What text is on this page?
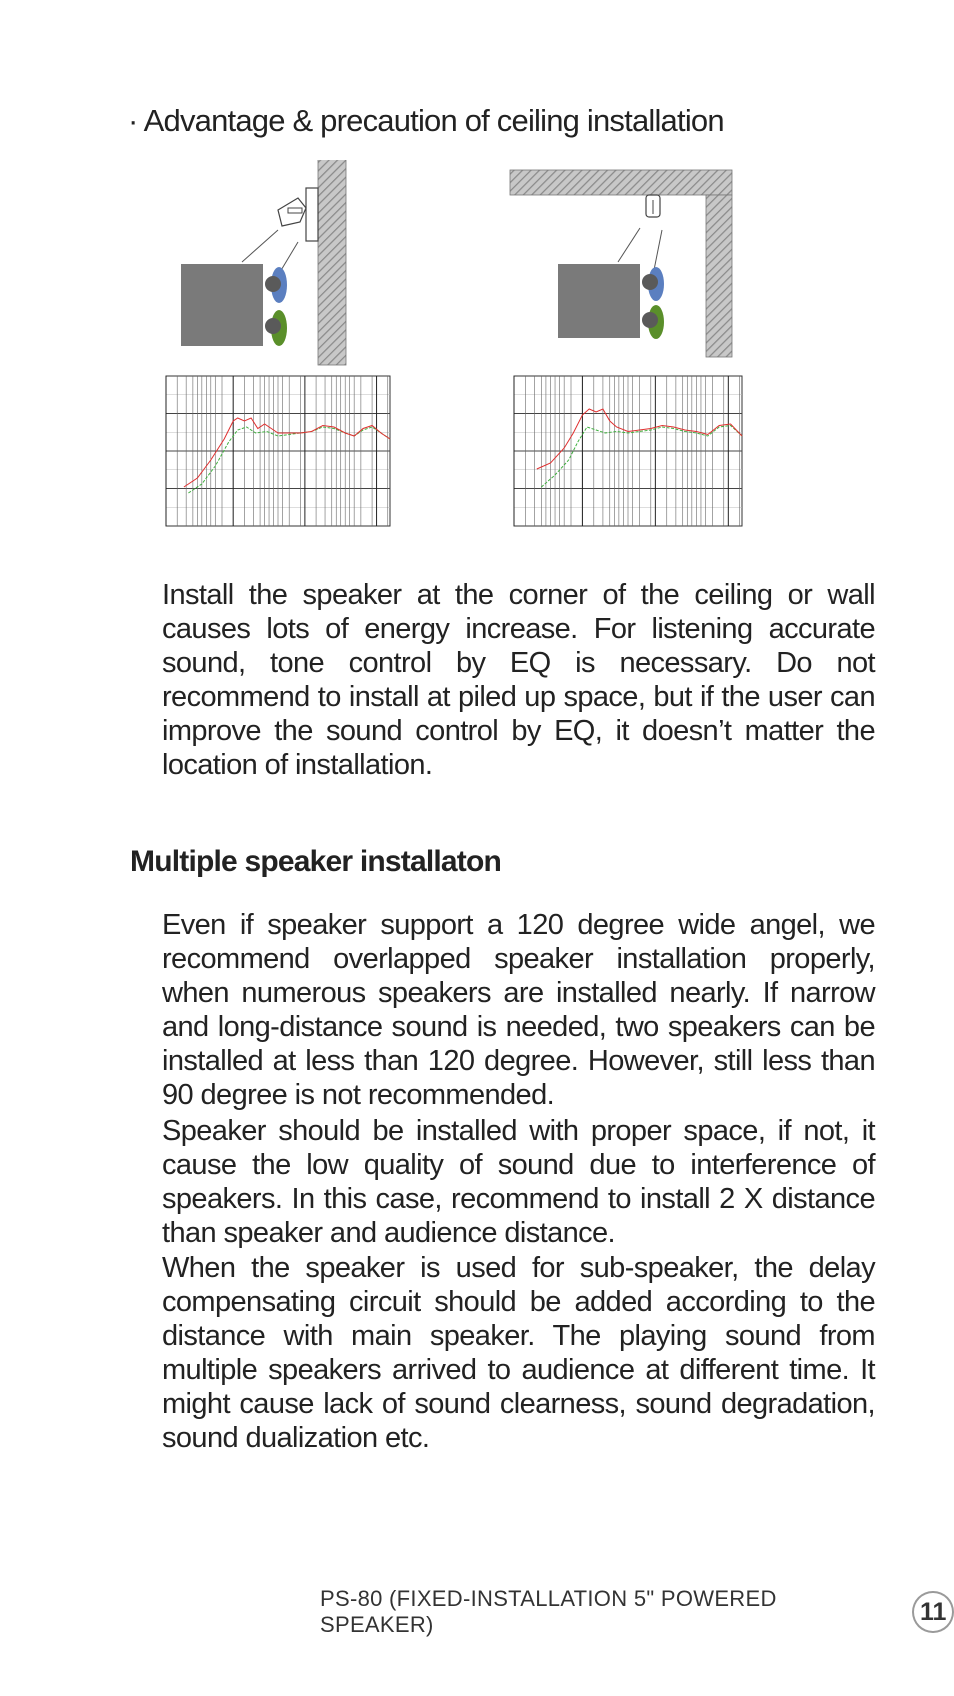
· Advantage & precaution of ceiling installation

Install the speaker at the corner of the ceiling or wall causes lots of energy increase. For listening accurate sound, tone control by EQ is necessary. Do not recommend to install at piled up space, but if the user can improve the sound control by EQ, it doesn’t matter the location of installation.

Multiple speaker installaton

Even if speaker support a 120 degree wide angel, we recommend overlapped speaker installation properly, when numerous speakers are installed nearly. If narrow and long-distance sound is needed, two speakers can be installed at less than 120 degree. However, still less than 90 degree is not recommended.

Speaker should be installed with proper space, if not, it cause the low quality of sound due to interference of speakers. In this case, recommend to install 2 X distance than speaker and audience distance.

When the speaker is used for sub-speaker, the delay compensating circuit should be added according to the distance with main speaker. The playing sound from multiple speakers arrived to audience at different time. It might cause lack of sound clearness, sound degradation, sound dualization etc.

PS-80 (FIXED-INSTALLATION 5" POWERED SPEAKER)	11
